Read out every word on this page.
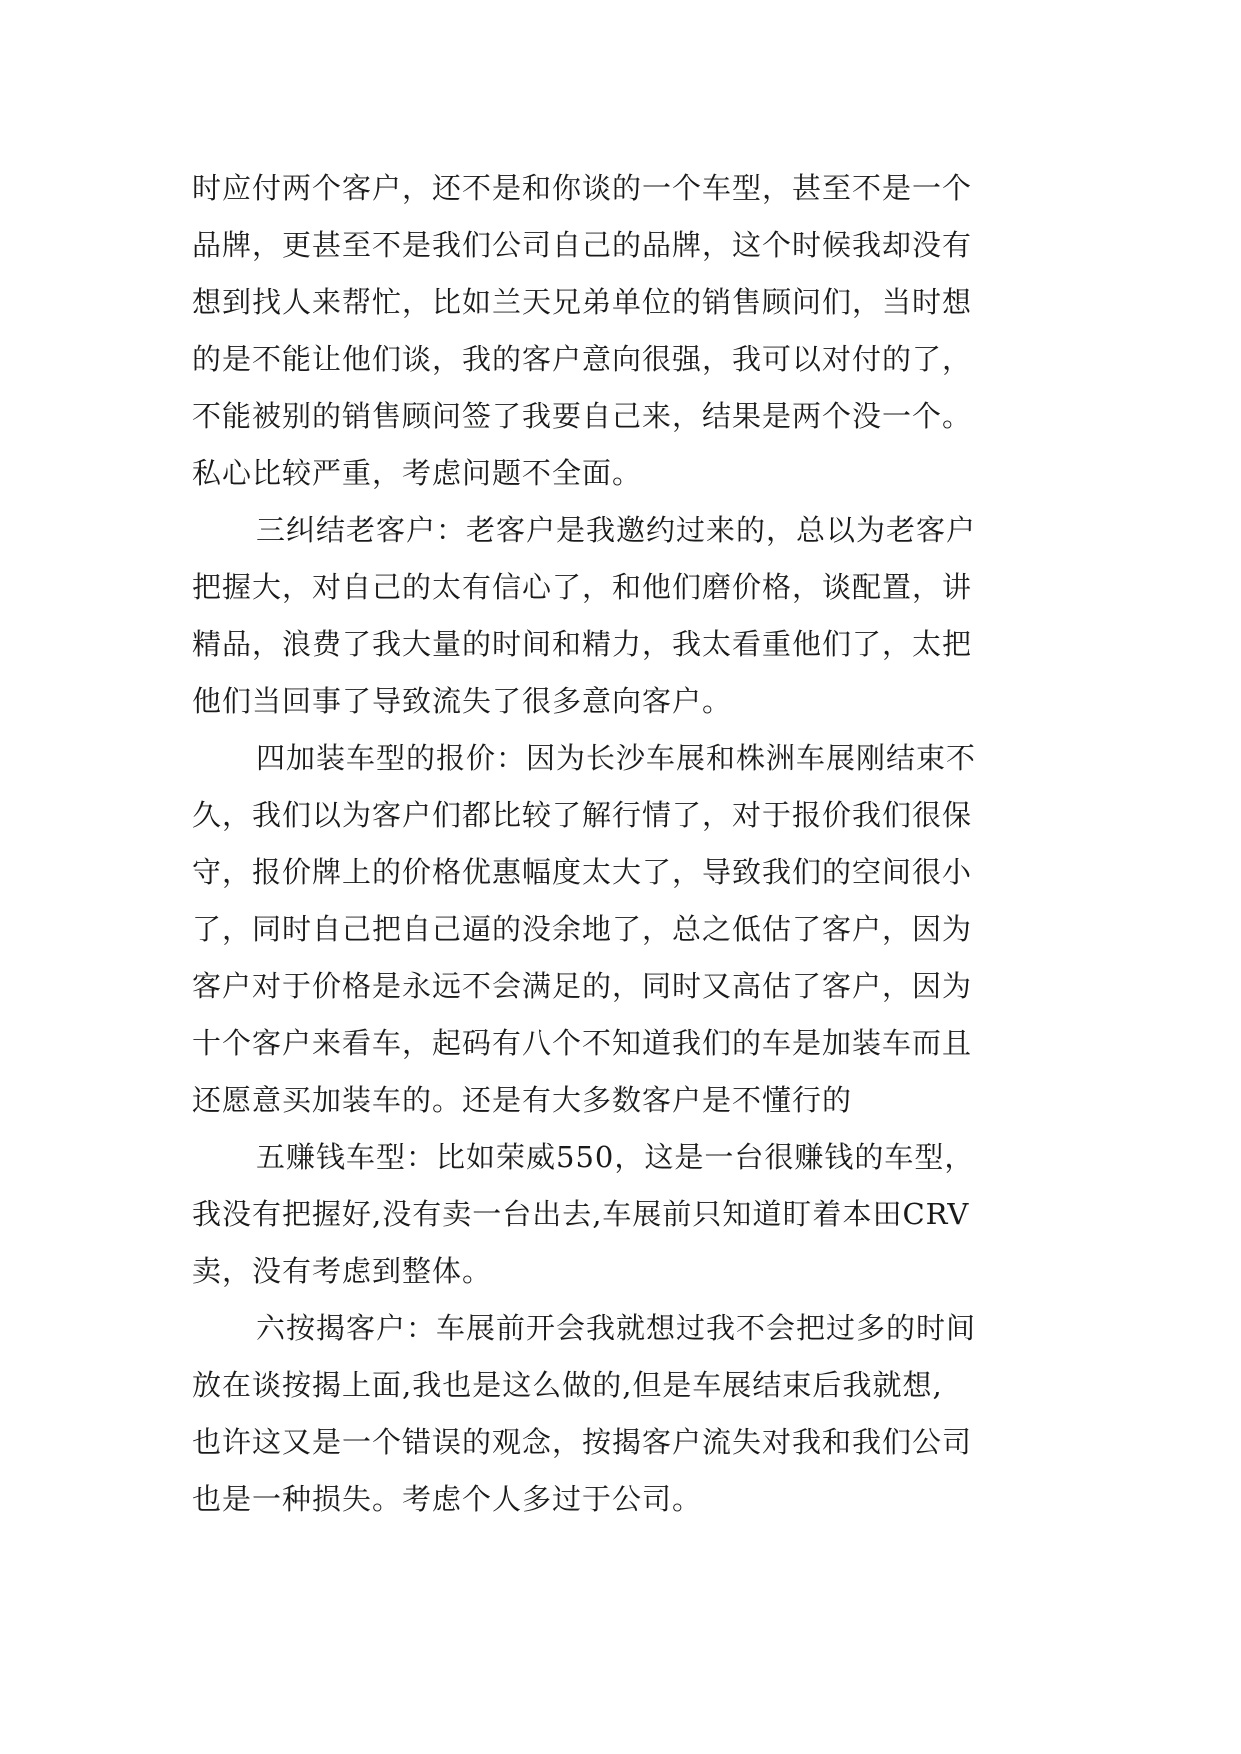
时应付两个客户，还不是和你谈的一个车型，甚至不是一个
品牌，更甚至不是我们公司自己的品牌，这个时候我却没有
想到找人来帮忙，比如兰天兄弟单位的销售顾问们，当时想
的是不能让他们谈，我的客户意向很强，我可以对付的了，
不能被别的销售顾问签了我要自己来，结果是两个没一个。
私心比较严重，考虑问题不全面。
三纠结老客户：老客户是我邀约过来的，总以为老客户
把握大，对自己的太有信心了，和他们磨价格，谈配置，讲
精品，浪费了我大量的时间和精力，我太看重他们了，太把
他们当回事了导致流失了很多意向客户。
四加装车型的报价：因为长沙车展和株洲车展刚结束不
久，我们以为客户们都比较了解行情了，对于报价我们很保
守，报价牌上的价格优惠幅度太大了，导致我们的空间很小
了，同时自己把自己逼的没余地了，总之低估了客户，因为
客户对于价格是永远不会满足的，同时又高估了客户，因为
十个客户来看车，起码有八个不知道我们的车是加装车而且
还愿意买加装车的。还是有大多数客户是不懂行的
五赚钱车型：比如荣威550，这是一台很赚钱的车型，
我没有把握好,没有卖一台出去,车展前只知道盯着本田CRV
卖，没有考虑到整体。
六按揭客户：车展前开会我就想过我不会把过多的时间
放在谈按揭上面,我也是这么做的,但是车展结束后我就想,
也许这又是一个错误的观念，按揭客户流失对我和我们公司
也是一种损失。考虑个人多过于公司。
